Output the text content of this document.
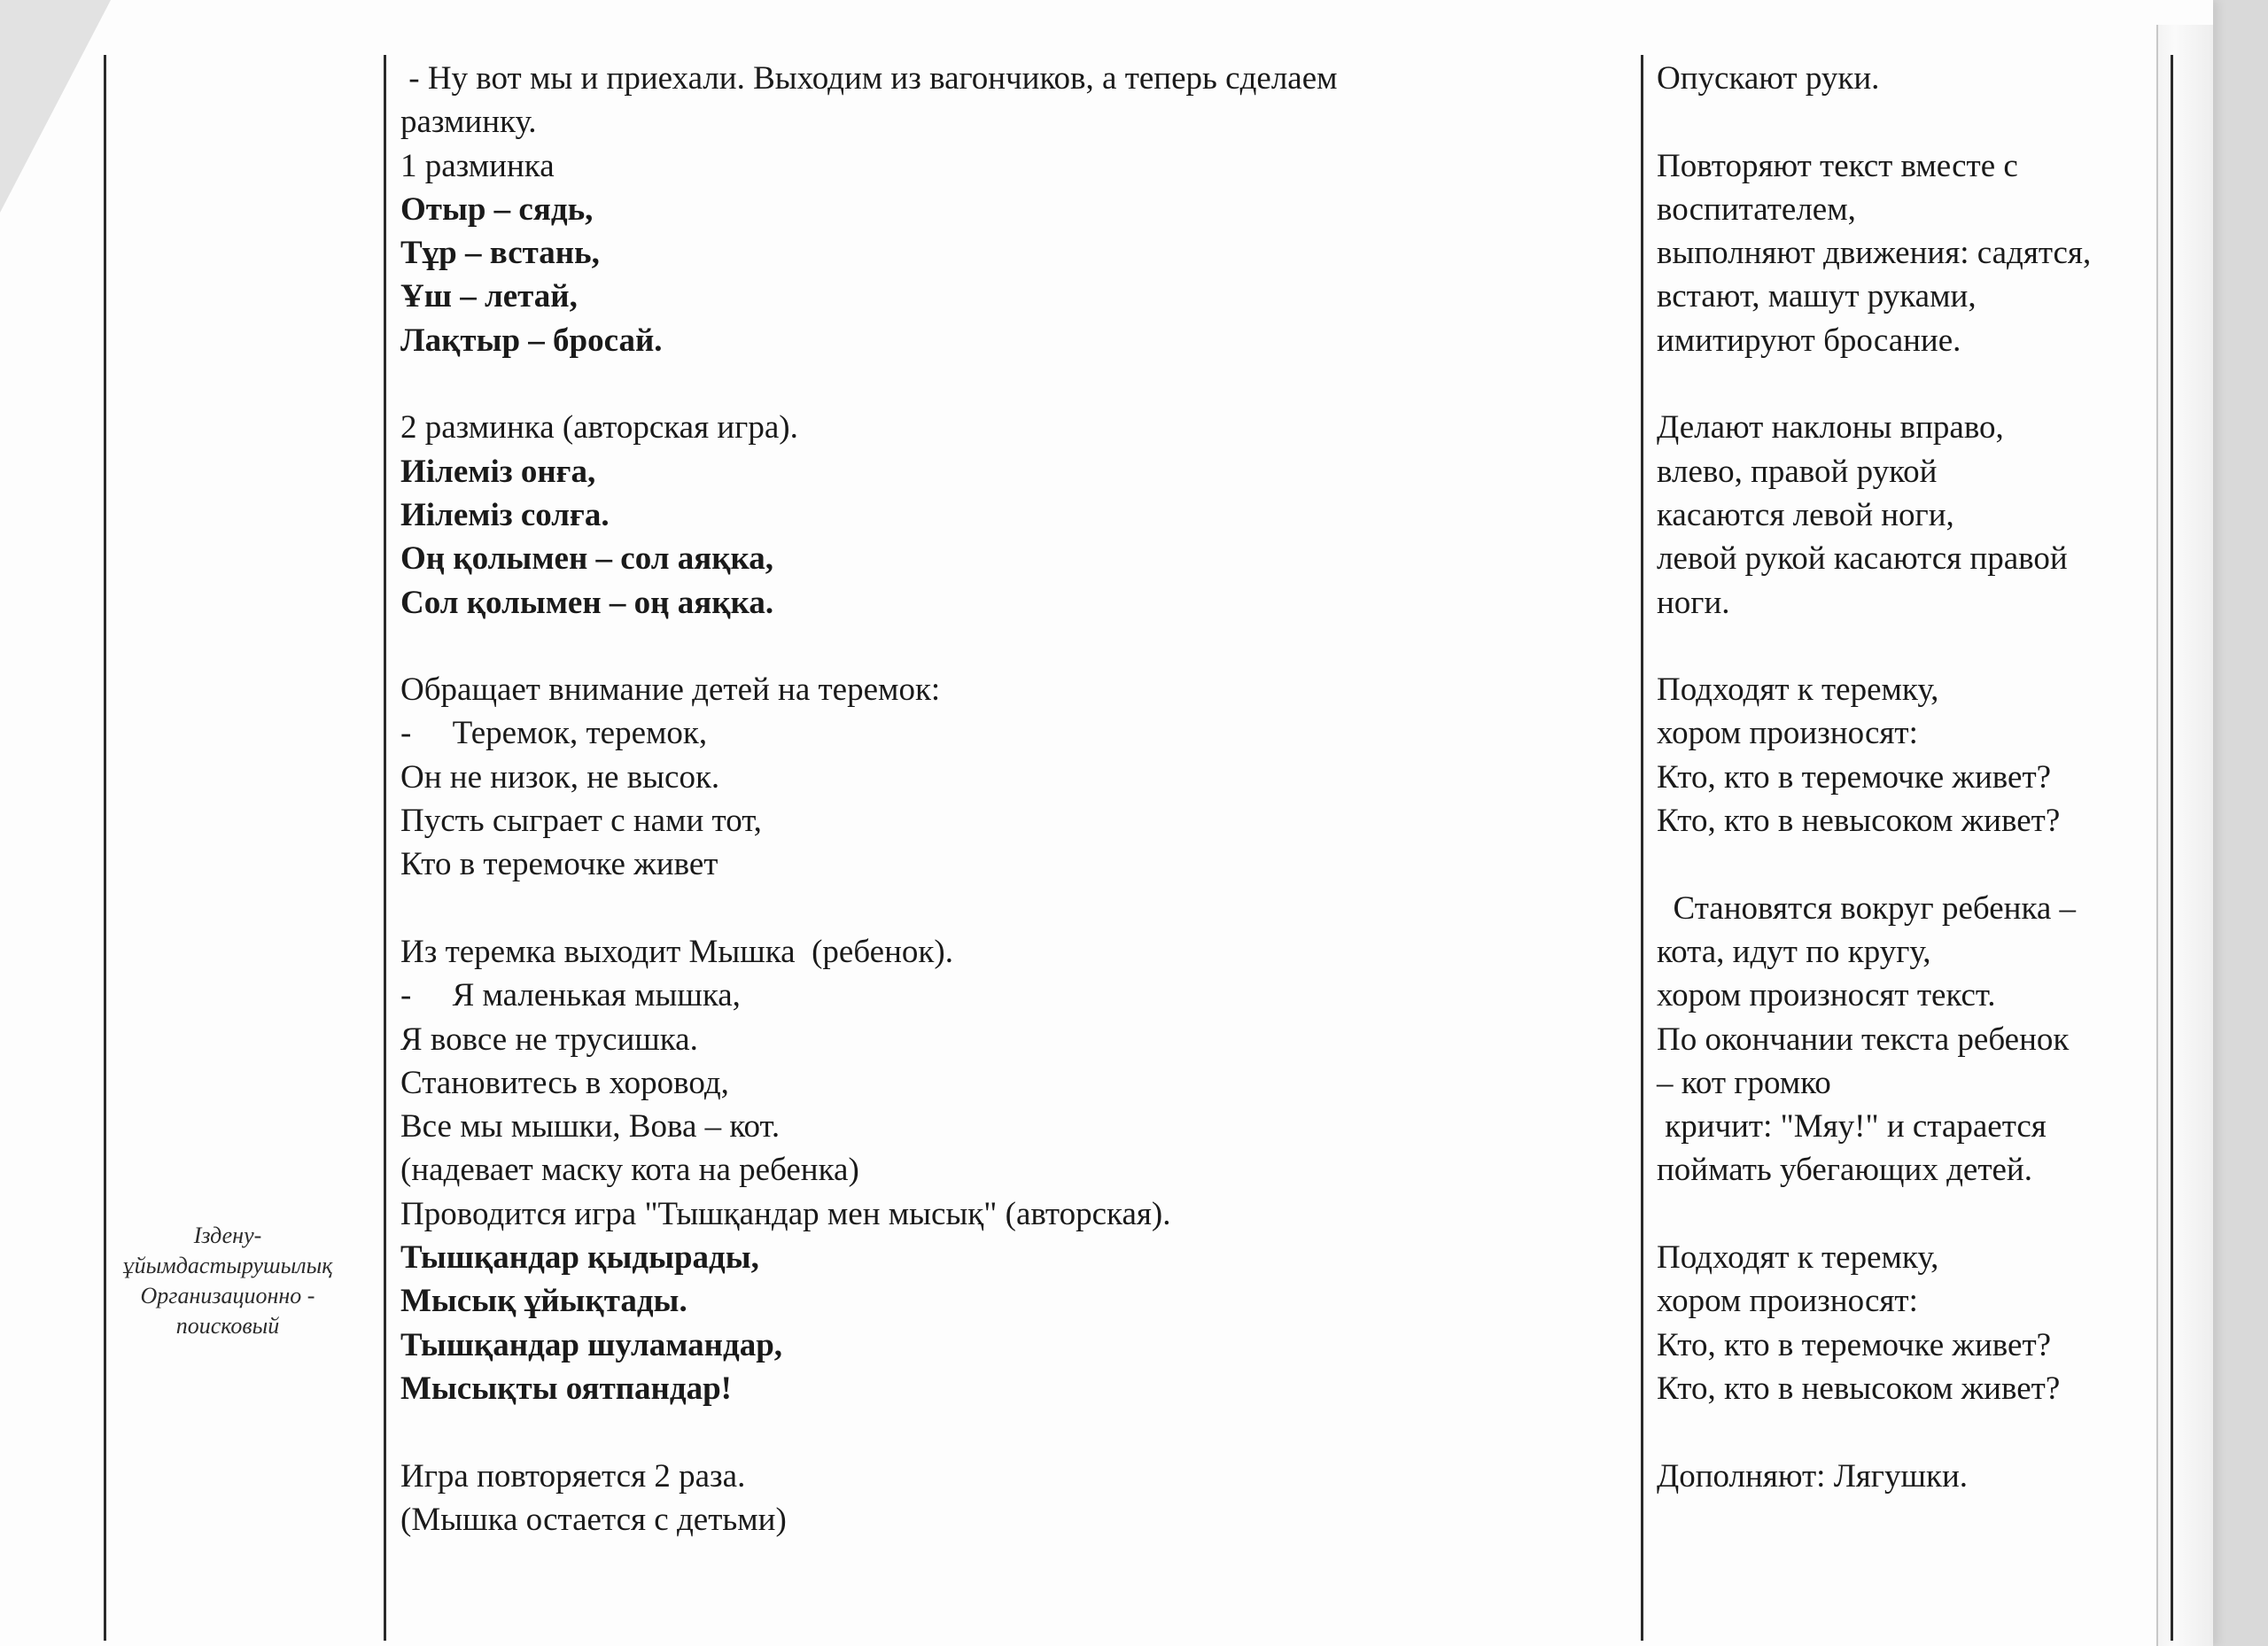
Іздену-
ұйымдастырушылық
Организационно -
поисковый
- Ну вот мы и приехали. Выходим из вагончиков, а теперь сделаем
разминку.
1 разминка
Отыр – сядь,
Тұр – встань,
Ұш – летай,
Лақтыр – бросай.
2 разминка (авторская игра).
Иілеміз онға,
Иілеміз солға.
Оң қолымен – сол аяқка,
Сол қолымен – оң аяқка.
Обращает внимание детей на теремок:
-     Теремок, теремок,
Он не низок, не высок.
Пусть сыграет с нами тот,
Кто в теремочке живет
Из теремка выходит Мышка  (ребенок).
-     Я маленькая мышка,
Я вовсе не трусишка.
Становитесь в хоровод,
Все мы мышки, Вова – кот.
(надевает маску кота на ребенка)
Проводится игра "Тышқандар мен мысық" (авторская).
Тышқандар қыдырады,
Мысық ұйықтады.
Тышқандар шуламандар,
Мысықты оятпандар!
Игра повторяется 2 раза.
(Мышка остается с детьми)
Опускают руки.
Повторяют текст вместе с
воспитателем,
выполняют движения: садятся,
встают, машут руками,
имитируют бросание.
Делают наклоны вправо,
влево, правой рукой
касаются левой ноги,
левой рукой касаются правой
ноги.
Подходят к теремку,
хором произносят:
Кто, кто в теремочке живет?
Кто, кто в невысоком живет?
Становятся вокруг ребенка –
кота, идут по кругу,
хором произносят текст.
По окончании текста ребенок
– кот громко
кричит: "Мяу!" и старается
поймать убегающих детей.
Подходят к теремку,
хором произносят:
Кто, кто в теремочке живет?
Кто, кто в невысоком живет?
Дополняют: Лягушки.
